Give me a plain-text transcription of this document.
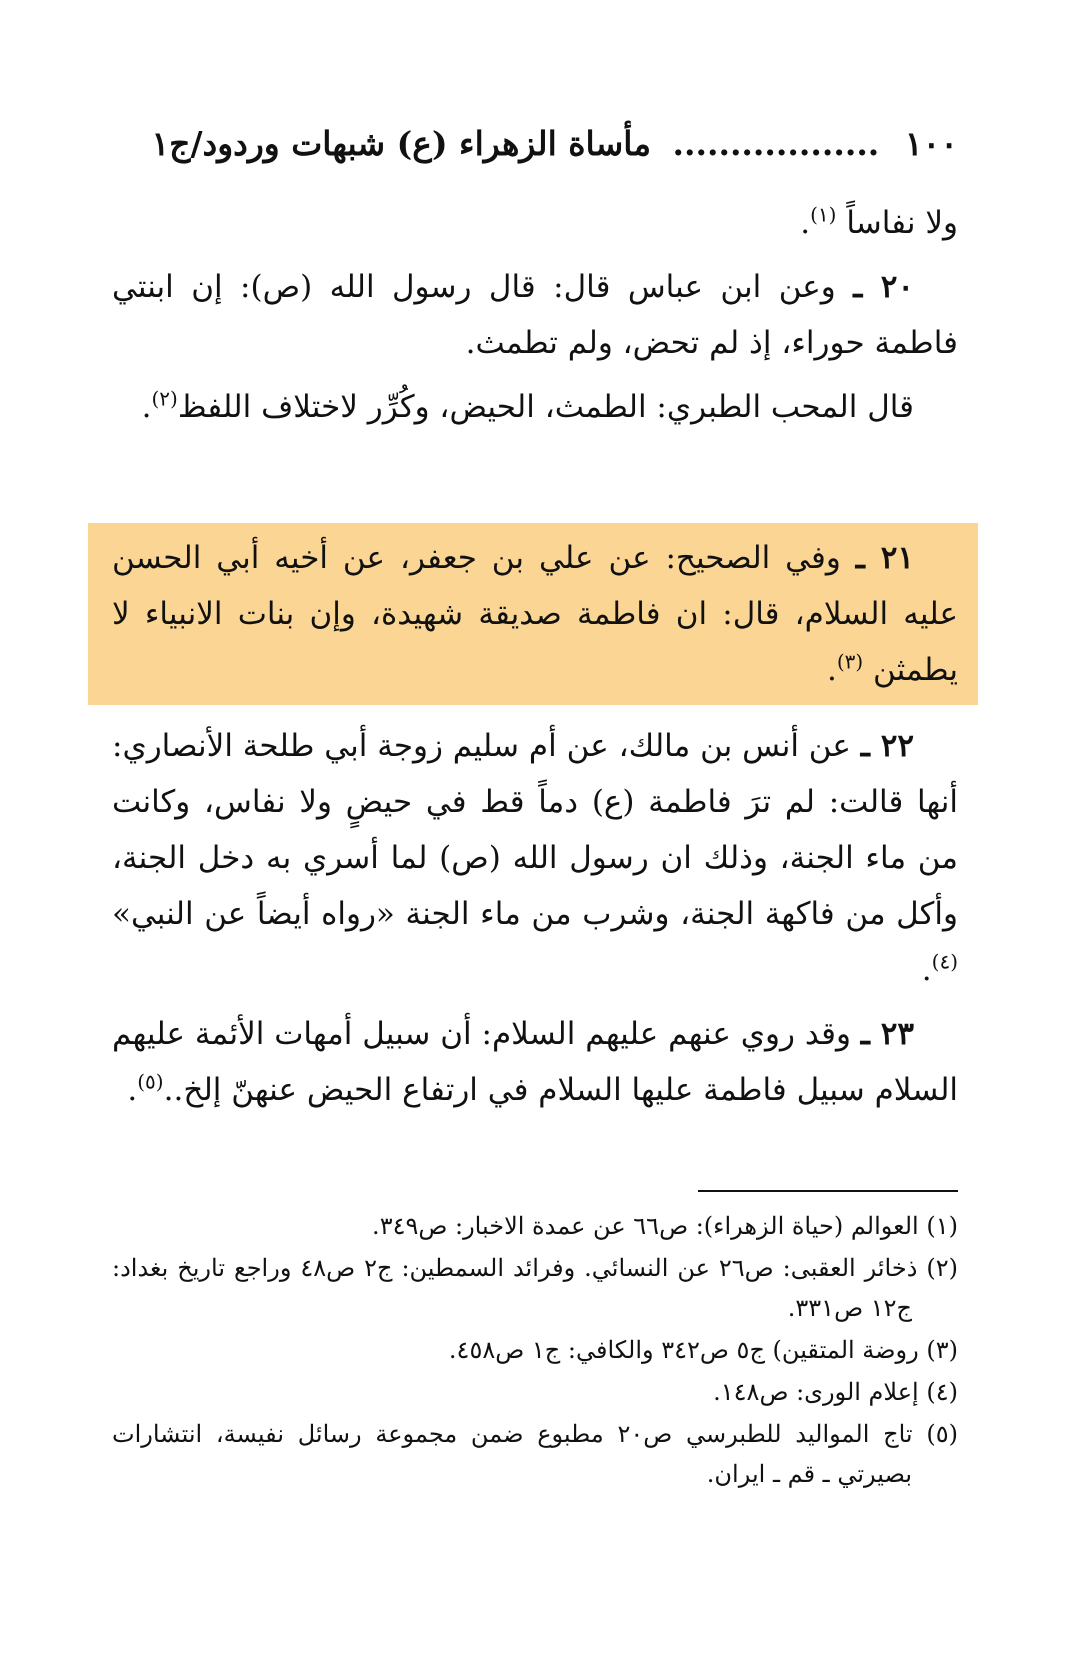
١٠٠ .................. مأساة الزهراء (ع) شبهات وردود/ج١

ولا نفاساً $^{(١)}$.

٢٠ ـ وعن ابن عباس قال: قال رسول الله (ص): إن ابنتي فاطمة حوراء، إذ لم تحض، ولم تطمث.

قال المحب الطبري: الطمث، الحيض، وكُرِّر لاختلاف اللفظ$^{(٢)}$.

٢١ ـ وفي الصحيح: عن علي بن جعفر، عن أخيه أبي الحسن عليه السلام، قال: ان فاطمة صديقة شهيدة، وإن بنات الانبياء لا يطمثن $^{(٣)}$.

٢٢ ـ عن أنس بن مالك، عن أم سليم زوجة أبي طلحة الأنصاري: أنها قالت: لم ترَ فاطمة (ع) دماً قط في حيضٍ ولا نفاس، وكانت من ماء الجنة، وذلك ان رسول الله (ص) لما أسري به دخل الجنة، وأكل من فاكهة الجنة، وشرب من ماء الجنة «رواه أيضاً عن النبي» $^{(٤)}$.

٢٣ ـ وقد روي عنهم عليهم السلام: أن سبيل أمهات الأئمة عليهم السلام سبيل فاطمة عليها السلام في ارتفاع الحيض عنهنّ إلخ..$^{(٥)}$.

(١) العوالم (حياة الزهراء): ص٦٦ عن عمدة الاخبار: ص٣٤٩.

(٢) ذخائر العقبى: ص٢٦ عن النسائي. وفرائد السمطين: ج٢ ص٤٨ وراجع تاريخ بغداد: ج١٢ ص٣٣١.

(٣) روضة المتقين) ج٥ ص٣٤٢ والكافي: ج١ ص٤٥٨.

(٤) إعلام الورى: ص١٤٨.

(٥) تاج المواليد للطبرسي ص٢٠ مطبوع ضمن مجموعة رسائل نفيسة، انتشارات بصيرتي ـ قم ـ ايران.
